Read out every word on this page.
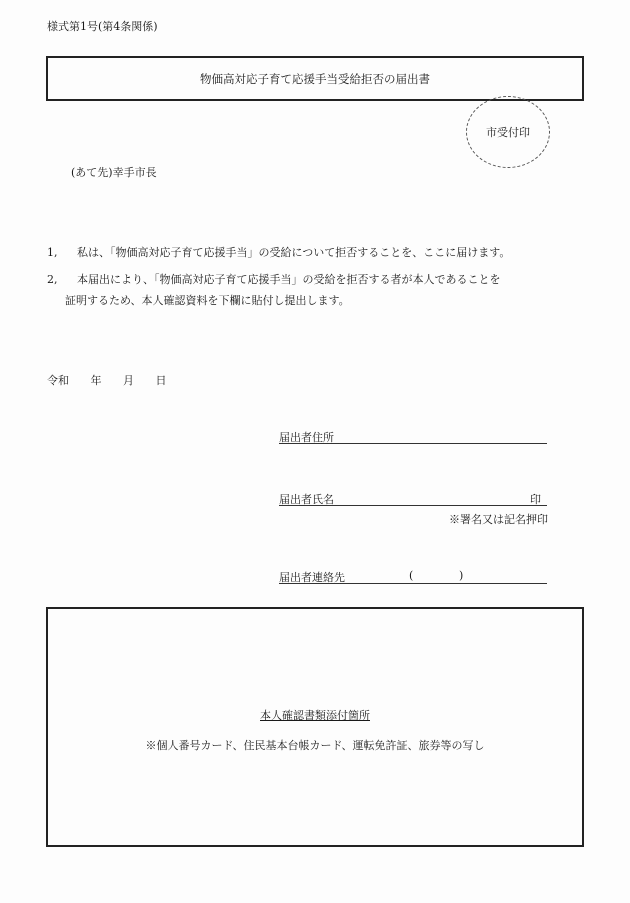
様式第1号(第4条関係)
物価高対応子育て応援手当受給拒否の届出書
市受付印
(あて先)幸手市長
1, 私は、「物価高対応子育て応援手当」の受給について拒否することを、ここに届けます。
2, 本届出により、「物価高対応子育て応援手当」の受給を拒否する者が本人であることを
証明するため、本人確認資料を下欄に貼付し提出します。
令和 年 月 日
届出者住所
届出者氏名	印
※署名又は記名押印
届出者連絡先	(	)
本人確認書類添付箇所
※個人番号カード、住民基本台帳カード、運転免許証、旅券等の写し
